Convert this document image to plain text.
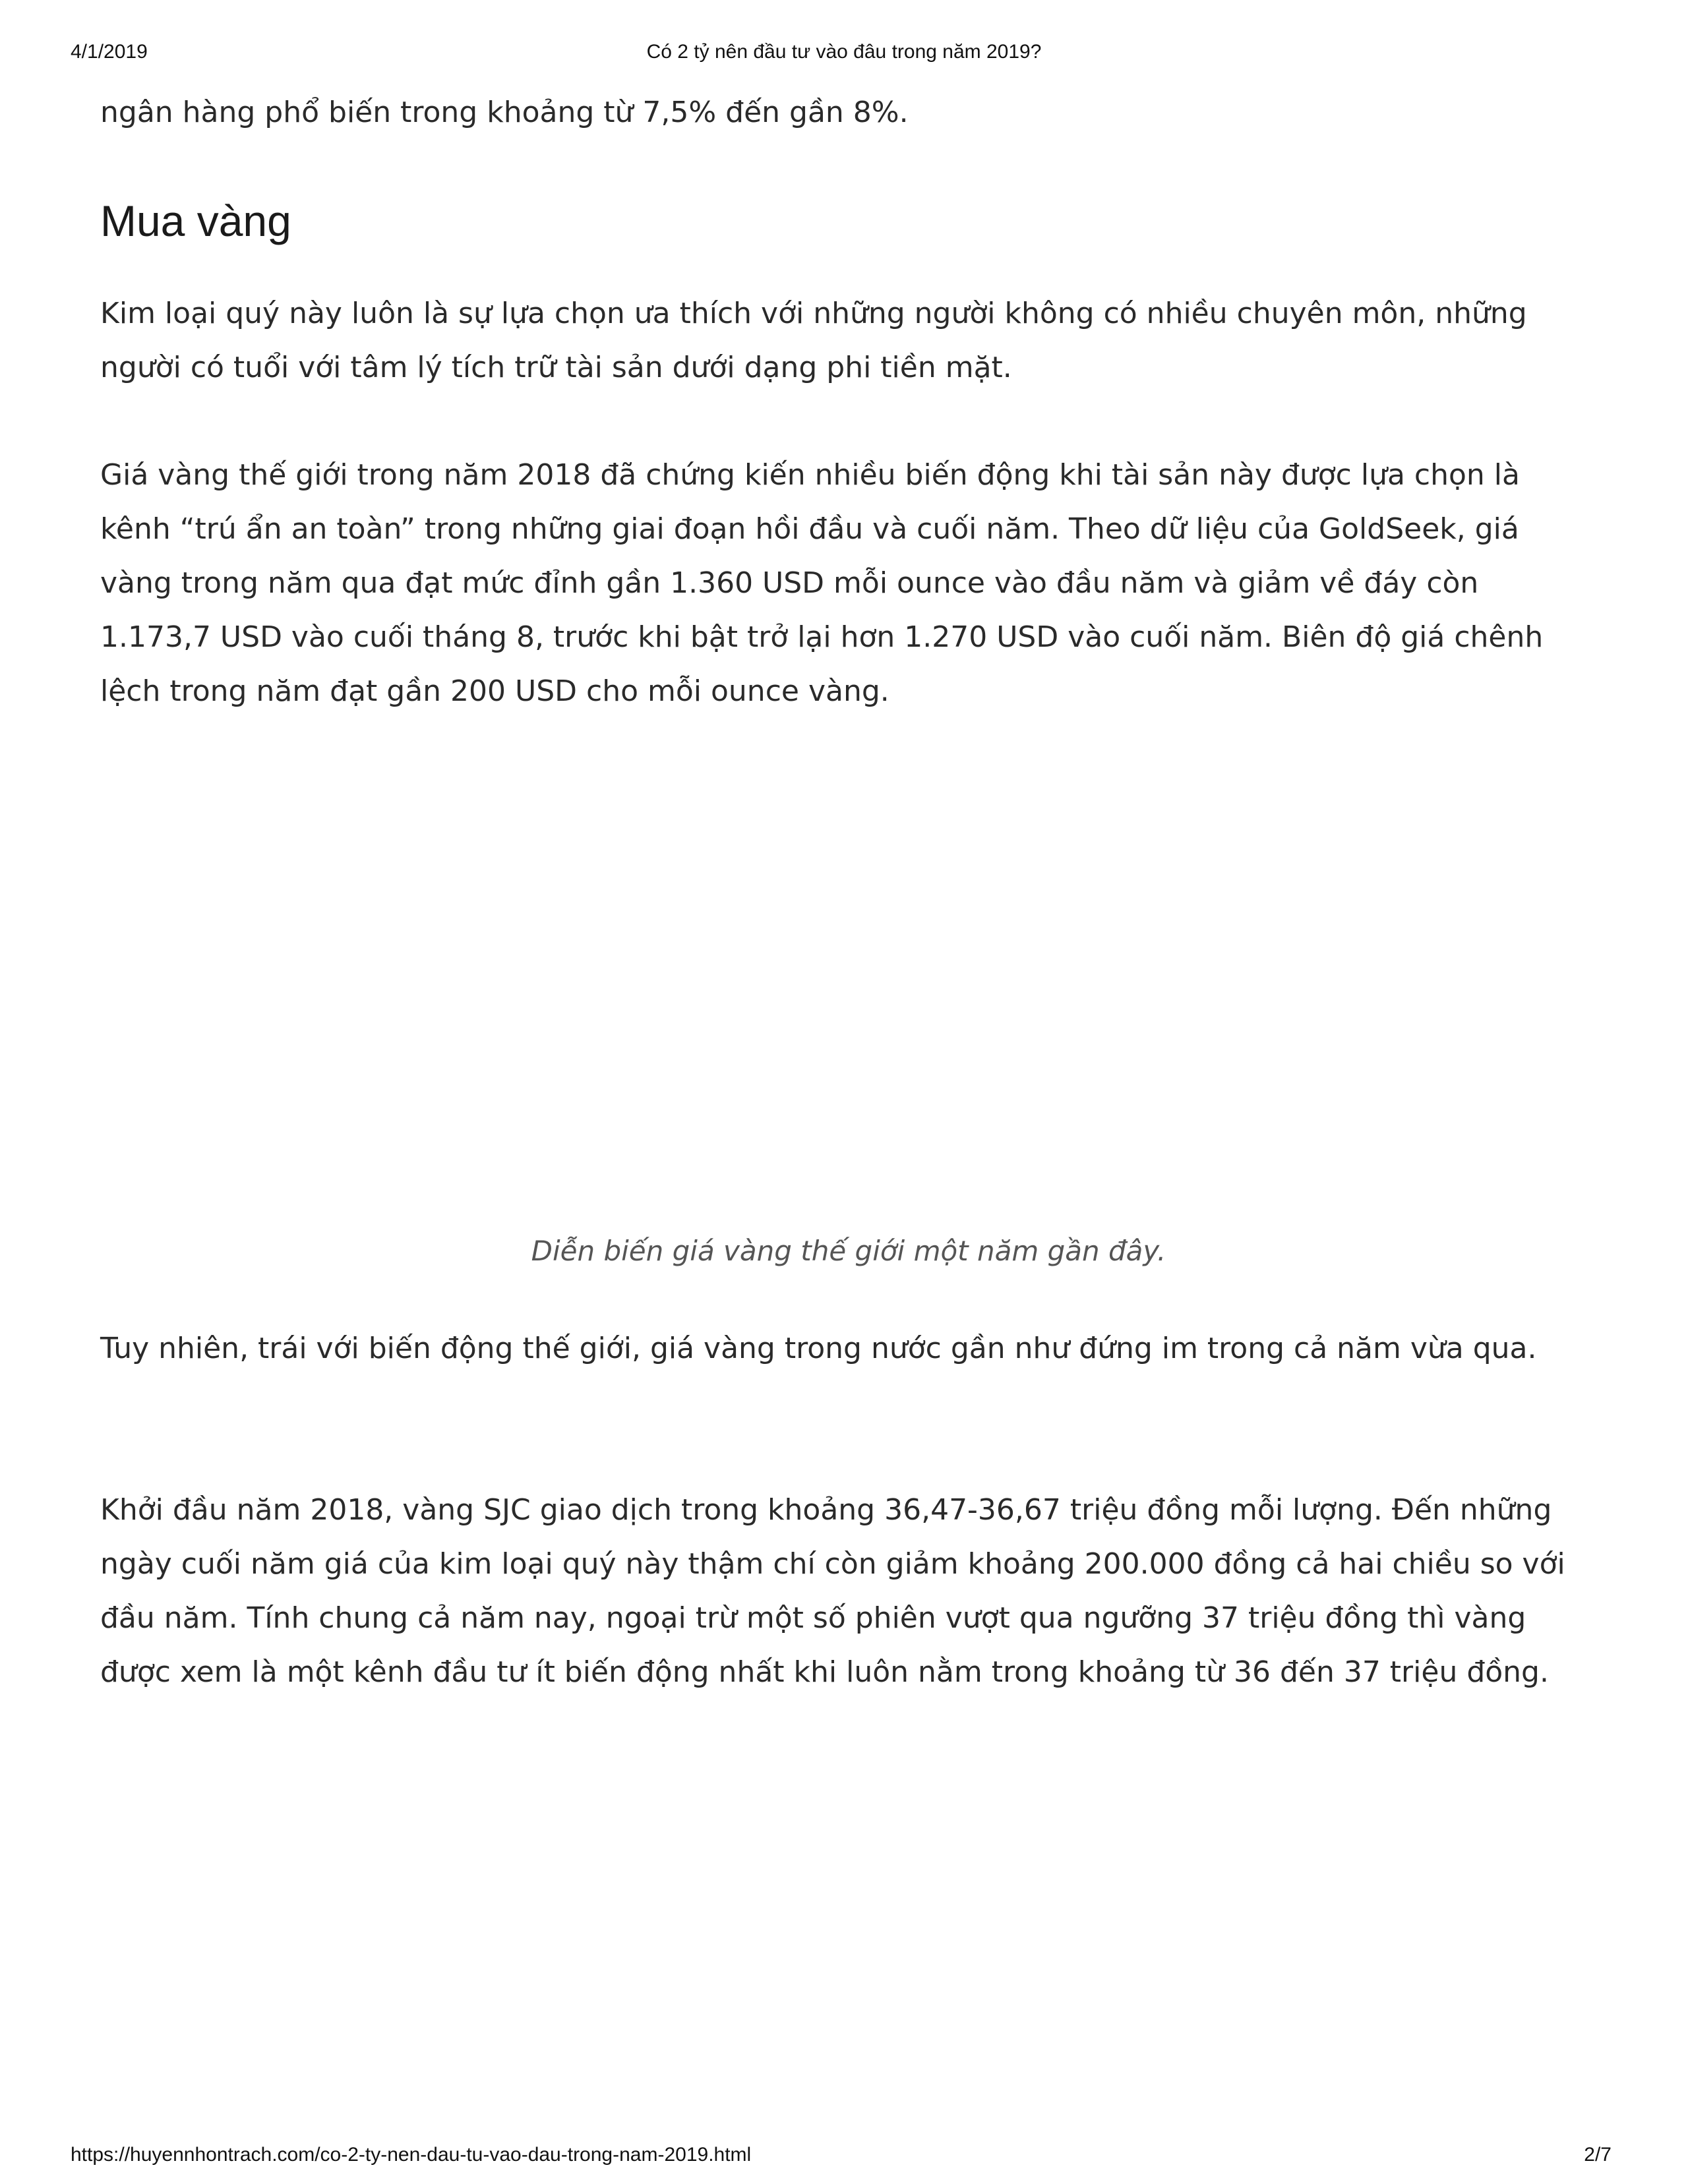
4/1/2019	Có 2 tỷ nên đầu tư vào đâu trong năm 2019?

ngân hàng phổ biến trong khoảng từ 7,5% đến gần 8%.

Mua vàng

Kim loại quý này luôn là sự lựa chọn ưa thích với những người không có nhiều chuyên môn, những người có tuổi với tâm lý tích trữ tài sản dưới dạng phi tiền mặt.

Giá vàng thế giới trong năm 2018 đã chứng kiến nhiều biến động khi tài sản này được lựa chọn là kênh “trú ẩn an toàn” trong những giai đoạn hồi đầu và cuối năm. Theo dữ liệu của GoldSeek, giá vàng trong năm qua đạt mức đỉnh gần 1.360 USD mỗi ounce vào đầu năm và giảm về đáy còn 1.173,7 USD vào cuối tháng 8, trước khi bật trở lại hơn 1.270 USD vào cuối năm. Biên độ giá chênh lệch trong năm đạt gần 200 USD cho mỗi ounce vàng.

Diễn biến giá vàng thế giới một năm gần đây.

Tuy nhiên, trái với biến động thế giới, giá vàng trong nước gần như đứng im trong cả năm vừa qua.

Khởi đầu năm 2018, vàng SJC giao dịch trong khoảng 36,47-36,67 triệu đồng mỗi lượng. Đến những ngày cuối năm giá của kim loại quý này thậm chí còn giảm khoảng 200.000 đồng cả hai chiều so với đầu năm. Tính chung cả năm nay, ngoại trừ một số phiên vượt qua ngưỡng 37 triệu đồng thì vàng được xem là một kênh đầu tư ít biến động nhất khi luôn nằm trong khoảng từ 36 đến 37 triệu đồng.

https://huyennhontrach.com/co-2-ty-nen-dau-tu-vao-dau-trong-nam-2019.html	2/7
